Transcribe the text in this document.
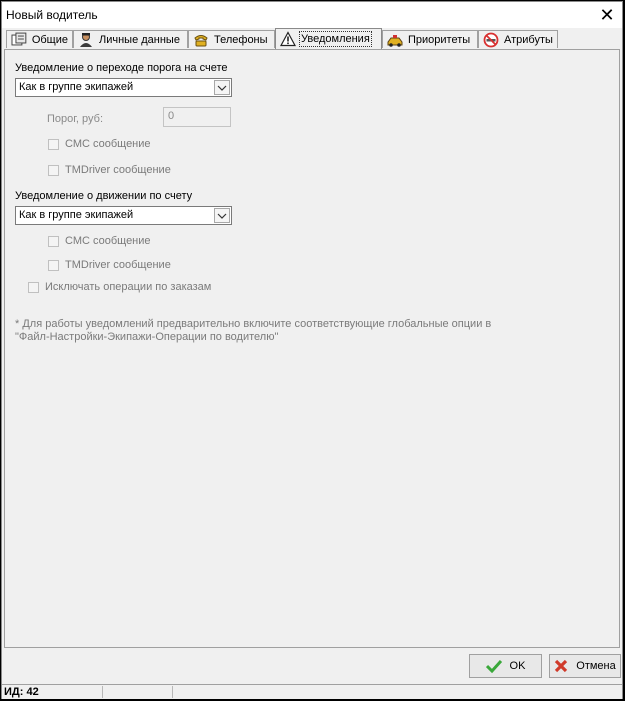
Новый водитель	✕
Общие	Личные данные	Телефоны	Уведомления	Приоритеты	Атрибуты
Уведомление о переходе порога на счете
Как в группе экипажей
Порог, руб:	0
СМС сообщение
TMDriver сообщение
Уведомление о движении по счету
Как в группе экипажей
СМС сообщение
TMDriver сообщение
Исключать операции по заказам
* Для работы уведомлений предварительно включите соответствующие глобальные опции в
"Файл-Настройки-Экипажи-Операции по водителю"
OK	Отмена
ИД: 42
